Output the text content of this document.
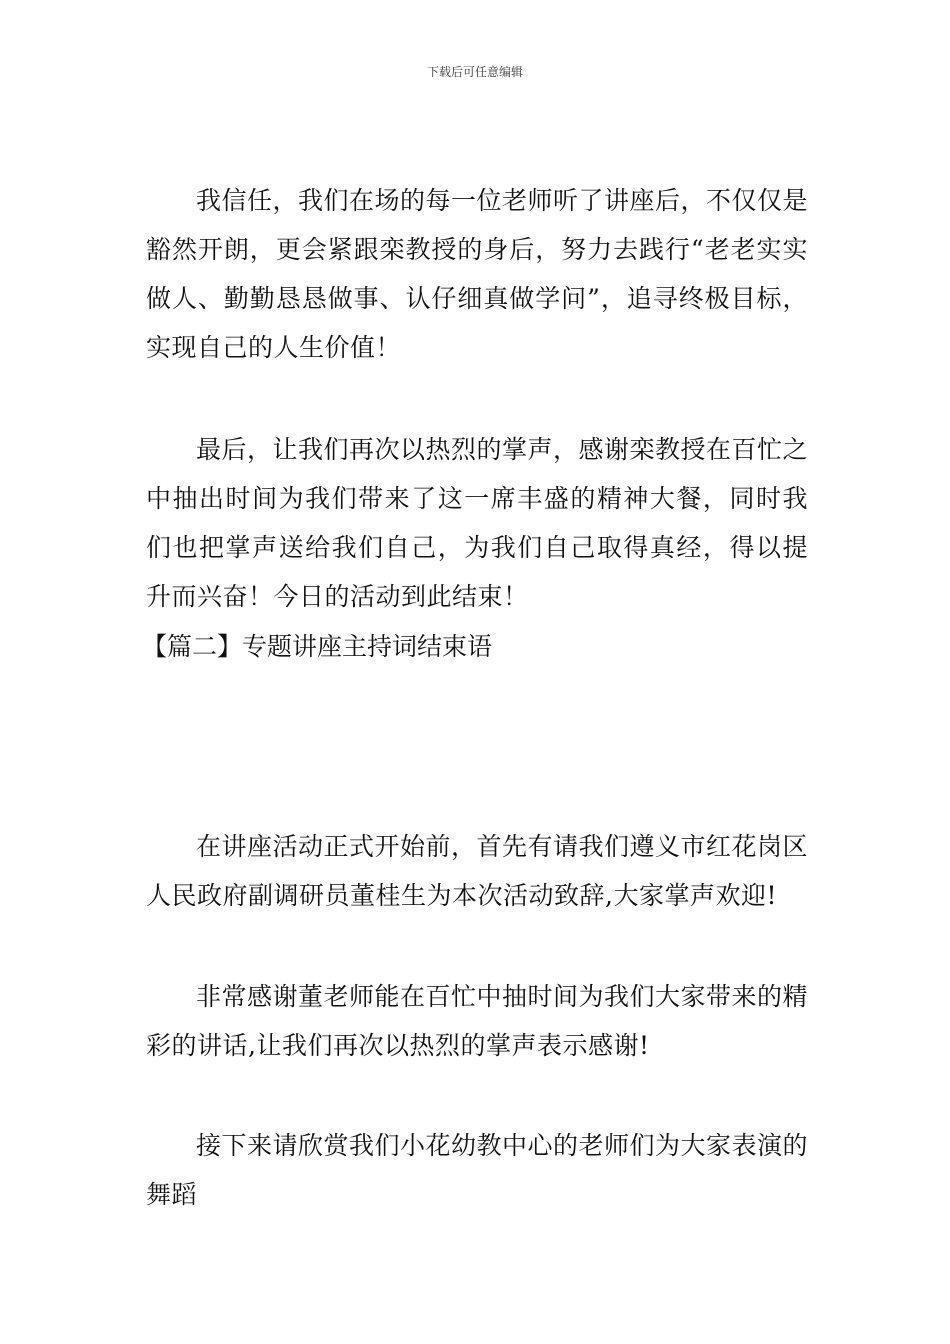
下载后可任意编辑

我信任，我们在场的每一位老师听了讲座后，不仅仅是豁然开朗，更会紧跟栾教授的身后，努力去践行“老老实实做人、勤勤恳恳做事、认仔细真做学问”，追寻终极目标，实现自己的人生价值！

最后，让我们再次以热烈的掌声，感谢栾教授在百忙之中抽出时间为我们带来了这一席丰盛的精神大餐，同时我们也把掌声送给我们自己，为我们自己取得真经，得以提升而兴奋！今日的活动到此结束！

【篇二】专题讲座主持词结束语

在讲座活动正式开始前，首先有请我们遵义市红花岗区人民政府副调研员董桂生为本次活动致辞,大家掌声欢迎!

非常感谢董老师能在百忙中抽时间为我们大家带来的精彩的讲话,让我们再次以热烈的掌声表示感谢!

接下来请欣赏我们小花幼教中心的老师们为大家表演的舞蹈
